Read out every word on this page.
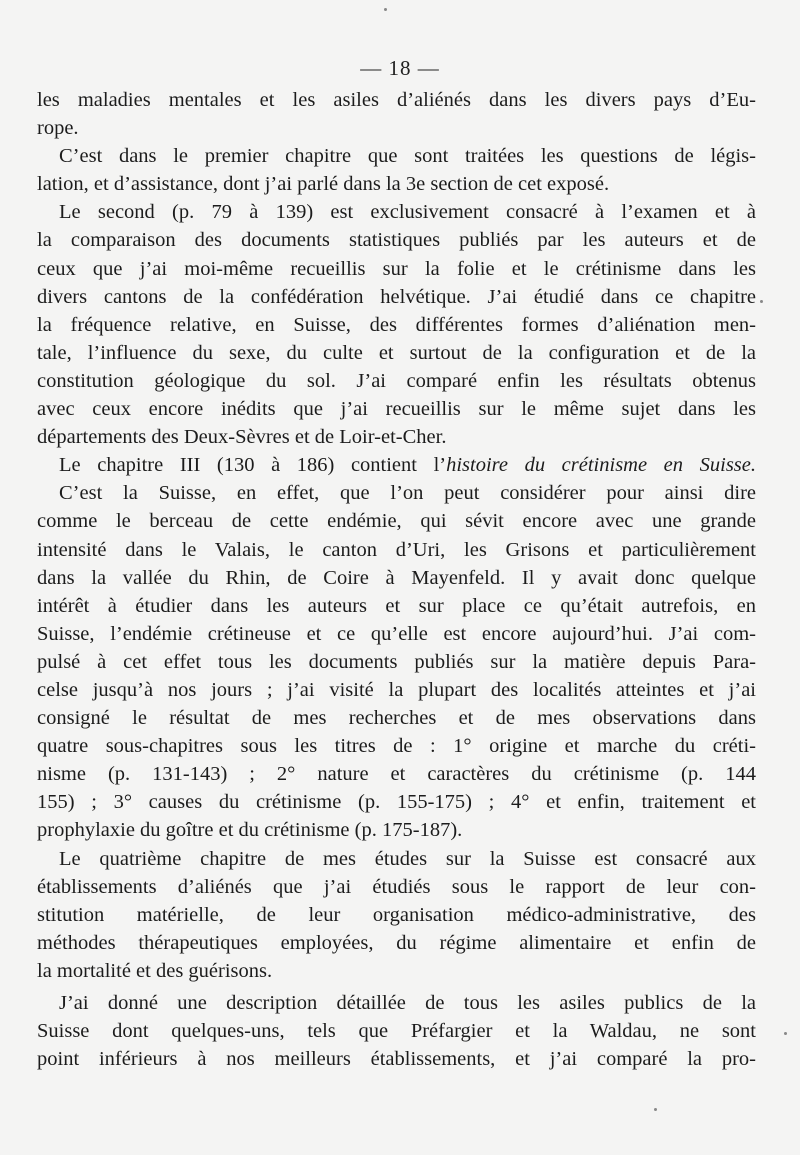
— 18 —
les maladies mentales et les asiles d’aliénés dans les divers pays d’Eu-
rope.
C’est dans le premier chapitre que sont traitées les questions de légis-
lation, et d’assistance, dont j’ai parlé dans la 3e section de cet exposé.
Le second (p. 79 à 139) est exclusivement consacré à l’examen et à
la comparaison des documents statistiques publiés par les auteurs et de
ceux que j’ai moi-même recueillis sur la folie et le crétinisme dans les
divers cantons de la confédération helvétique. J’ai étudié dans ce chapitre
la fréquence relative, en Suisse, des différentes formes d’aliénation men-
tale, l’influence du sexe, du culte et surtout de la configuration et de la
constitution géologique du sol. J’ai comparé enfin les résultats obtenus
avec ceux encore inédits que j’ai recueillis sur le même sujet dans les
départements des Deux-Sèvres et de Loir-et-Cher.
Le chapitre III (130 à 186) contient l’histoire du crétinisme en Suisse.
C’est la Suisse, en effet, que l’on peut considérer pour ainsi dire
comme le berceau de cette endémie, qui sévit encore avec une grande
intensité dans le Valais, le canton d’Uri, les Grisons et particulièrement
dans la vallée du Rhin, de Coire à Mayenfeld. Il y avait donc quelque
intérêt à étudier dans les auteurs et sur place ce qu’était autrefois, en
Suisse, l’endémie crétineuse et ce qu’elle est encore aujourd’hui. J’ai com-
pulsé à cet effet tous les documents publiés sur la matière depuis Para-
celse jusqu’à nos jours ; j’ai visité la plupart des localités atteintes et j’ai
consigné le résultat de mes recherches et de mes observations dans
quatre sous-chapitres sous les titres de : 1° origine et marche du créti-
nisme (p. 131-143) ; 2° nature et caractères du crétinisme (p. 144
155) ; 3° causes du crétinisme (p. 155-175) ; 4° et enfin, traitement et
prophylaxie du goître et du crétinisme (p. 175-187).
Le quatrième chapitre de mes études sur la Suisse est consacré aux
établissements d’aliénés que j’ai étudiés sous le rapport de leur con-
stitution matérielle, de leur organisation médico-administrative, des
méthodes thérapeutiques employées, du régime alimentaire et enfin de
la mortalité et des guérisons.
J’ai donné une description détaillée de tous les asiles publics de la
Suisse dont quelques-uns, tels que Préfargier et la Waldau, ne sont
point inférieurs à nos meilleurs établissements, et j’ai comparé la pro-
